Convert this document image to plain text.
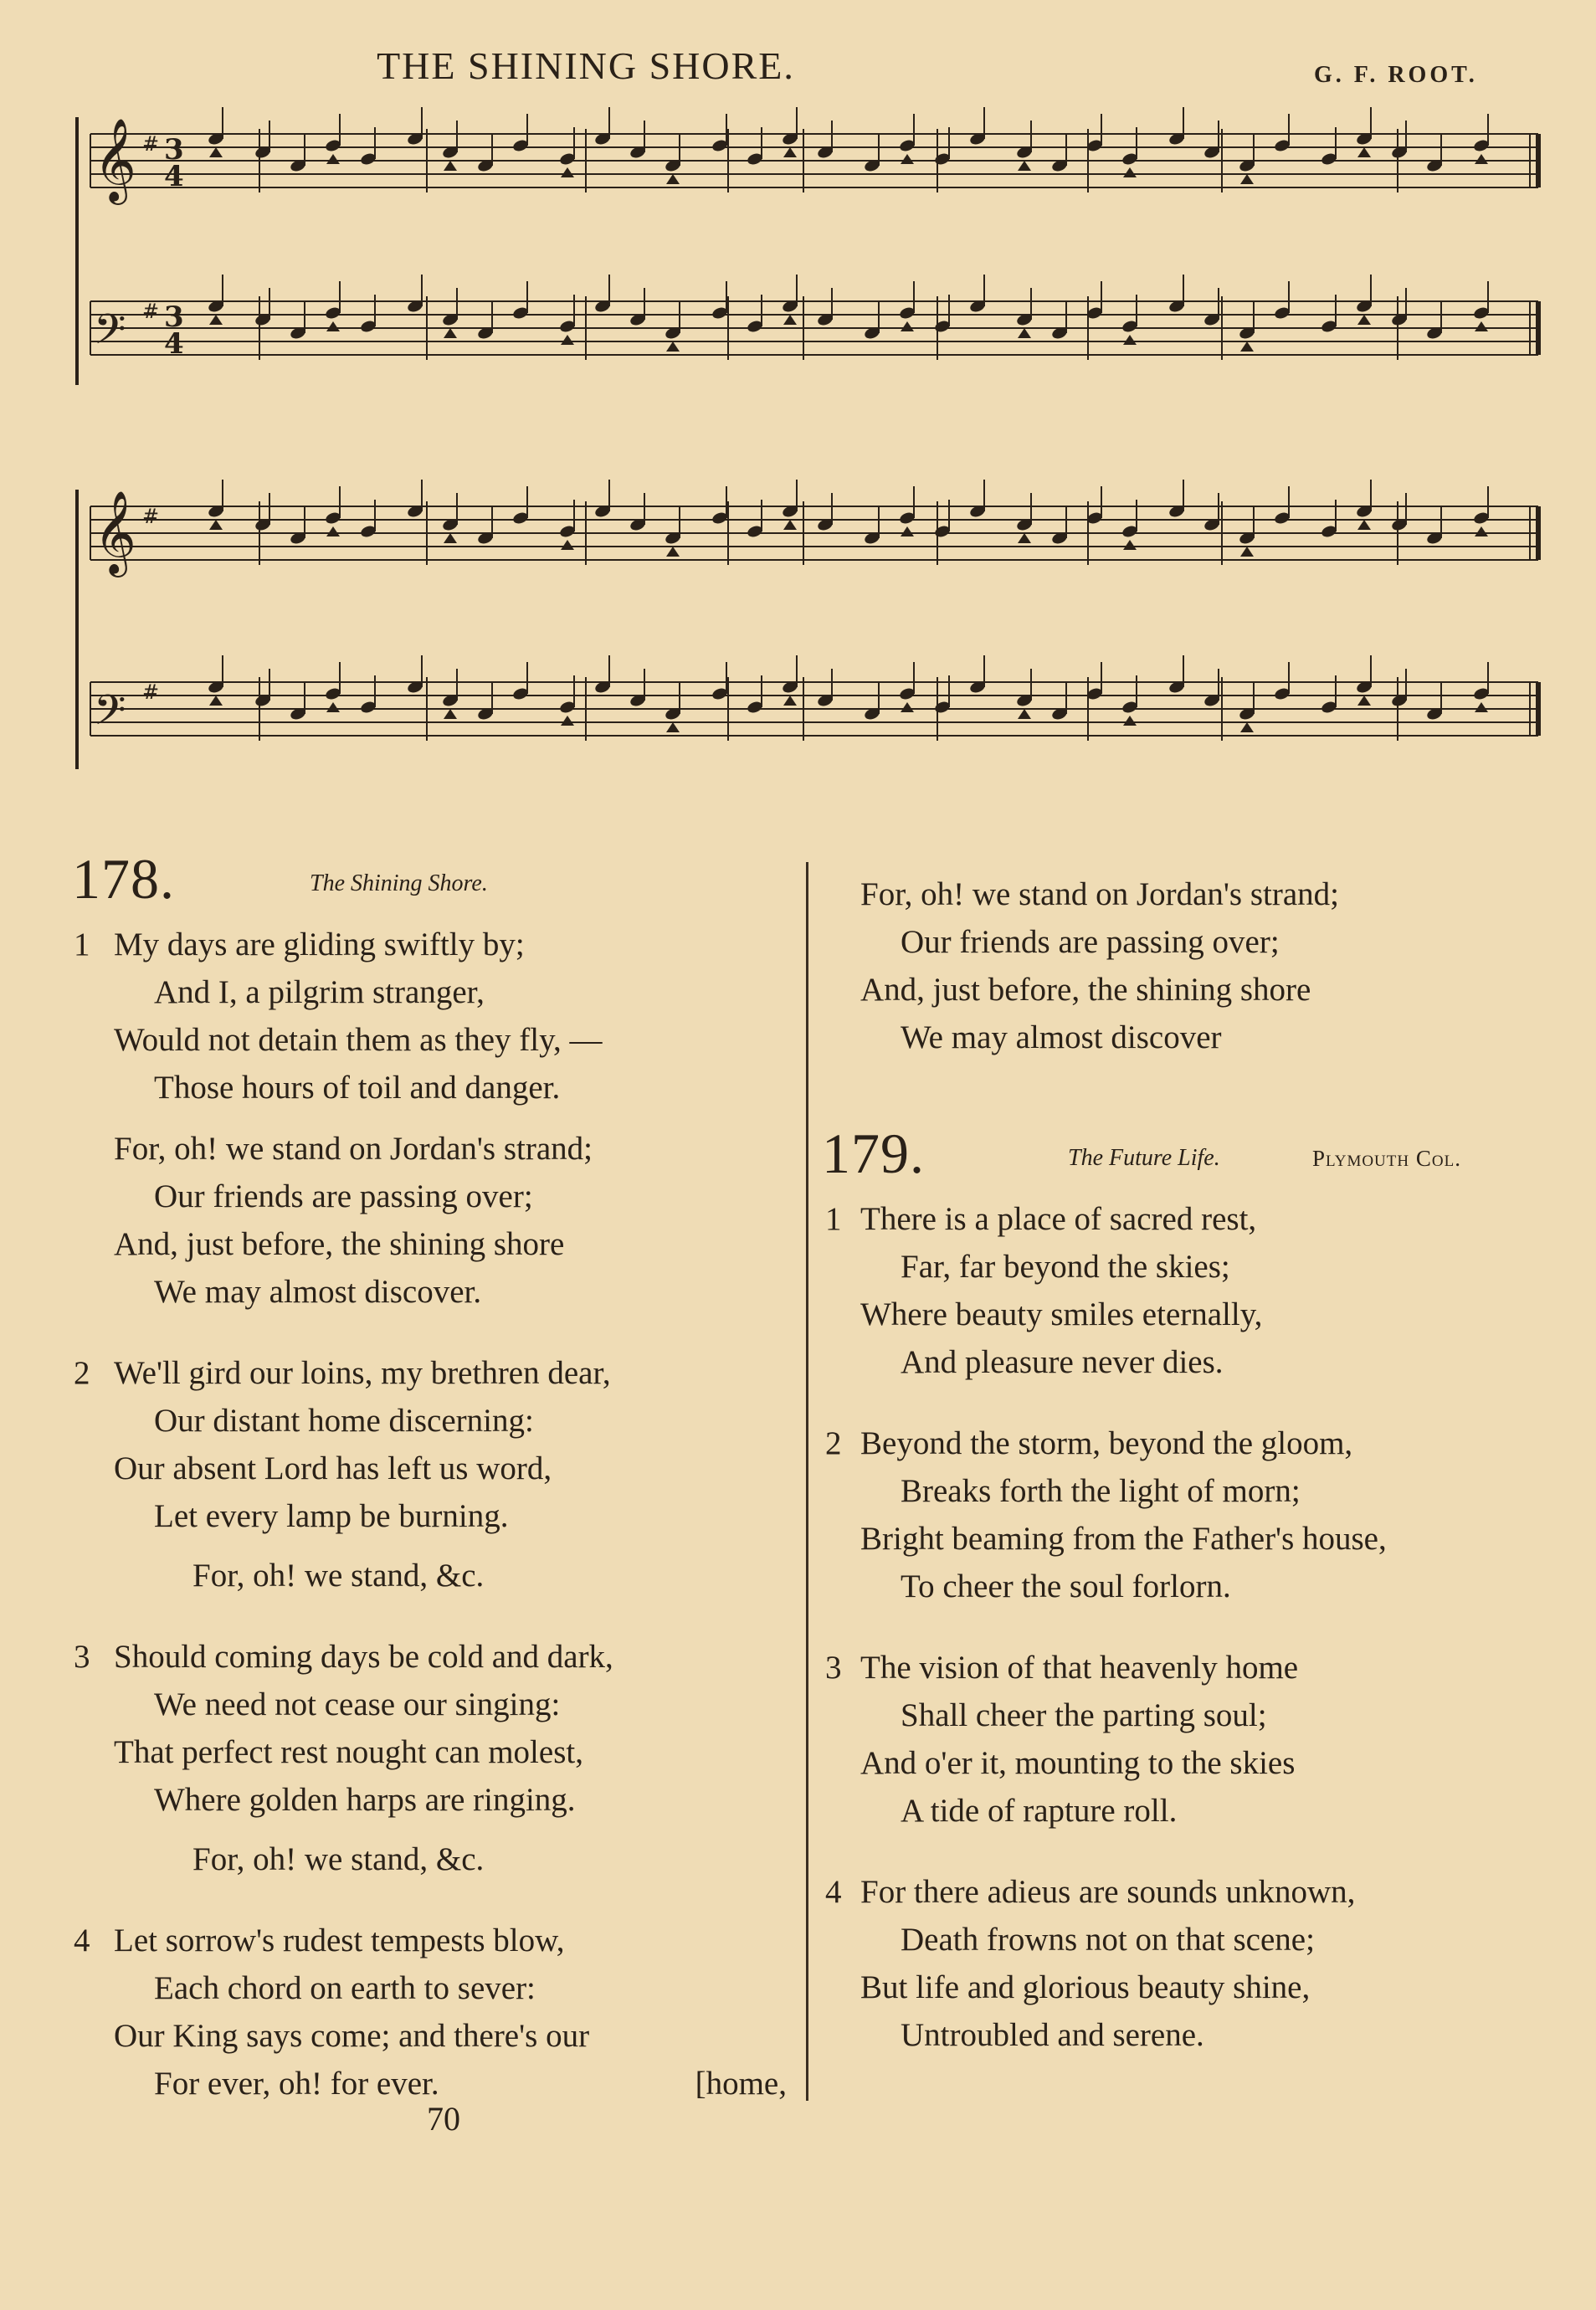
THE SHINING SHORE.	G. F. ROOT.
𝄞 # 3
4
𝄢 # 3
4
𝄞 #
𝄢 #
178.	The Shining Shore.
1 My days are gliding swiftly by;
And I, a pilgrim stranger,
Would not detain them as they fly, —
Those hours of toil and danger.
For, oh! we stand on Jordan's strand;
Our friends are passing over;
And, just before, the shining shore
We may almost discover.
2 We'll gird our loins, my brethren dear,
Our distant home discerning:
Our absent Lord has left us word,
Let every lamp be burning.
For, oh! we stand, &c.
3 Should coming days be cold and dark,
We need not cease our singing:
That perfect rest nought can molest,
Where golden harps are ringing.
For, oh! we stand, &c.
4 Let sorrow's rudest tempests blow,
Each chord on earth to sever:
Our King says come; and there's our
For ever, oh! for ever.	[home,
For, oh! we stand on Jordan's strand;
Our friends are passing over;
And, just before, the shining shore
We may almost discover
179.	The Future Life.	Plymouth Col.
1 There is a place of sacred rest,
Far, far beyond the skies;
Where beauty smiles eternally,
And pleasure never dies.
2 Beyond the storm, beyond the gloom,
Breaks forth the light of morn;
Bright beaming from the Father's house,
To cheer the soul forlorn.
3 The vision of that heavenly home
Shall cheer the parting soul;
And o'er it, mounting to the skies
A tide of rapture roll.
4 For there adieus are sounds unknown,
Death frowns not on that scene;
But life and glorious beauty shine,
Untroubled and serene.
70
